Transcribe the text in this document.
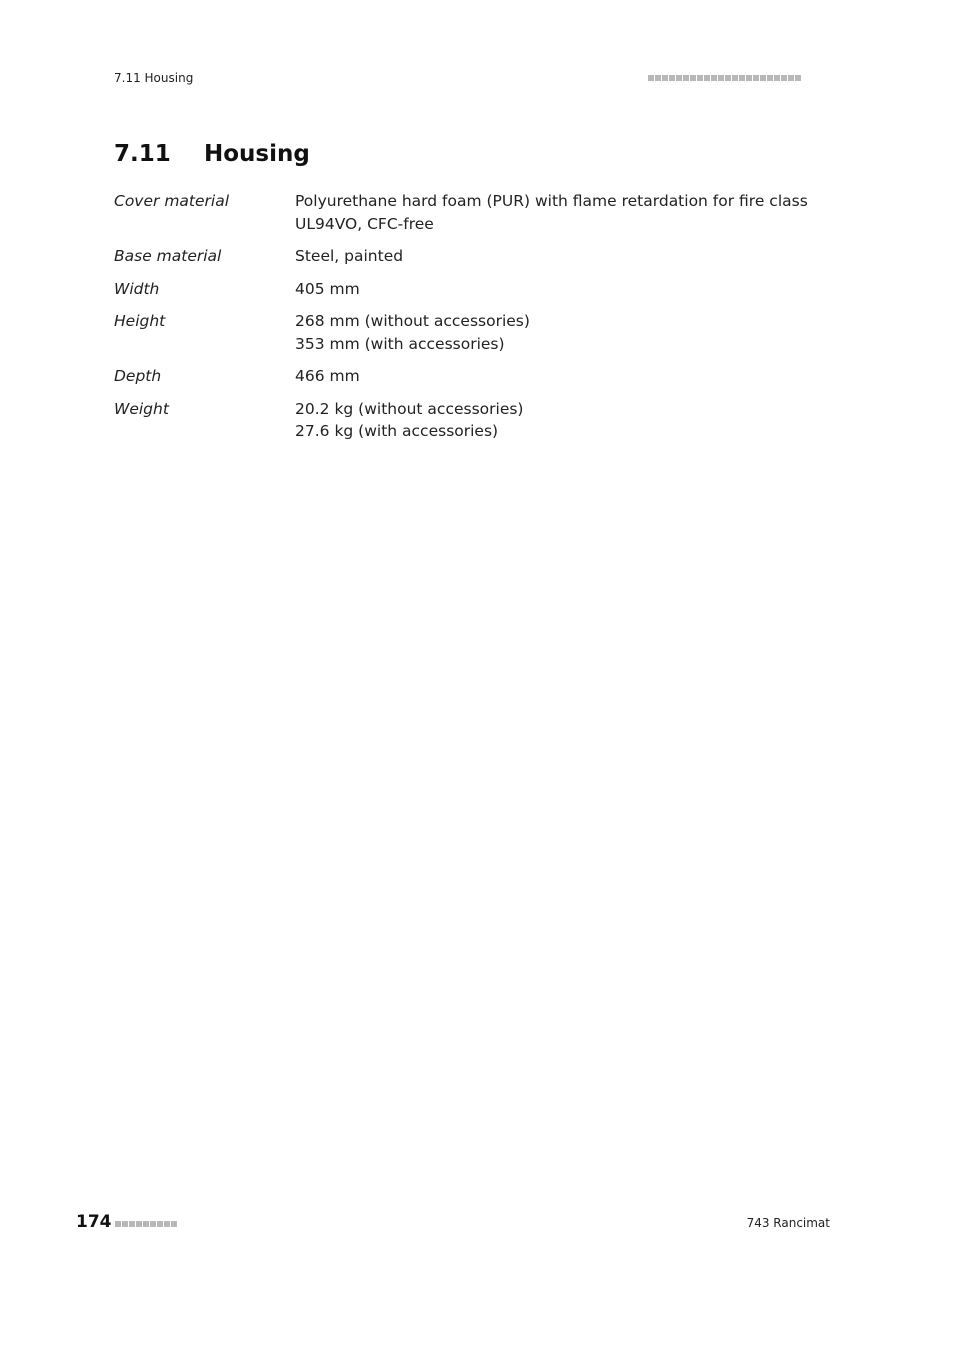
7.11 Housing
7.11 Housing
Cover material	Polyurethane hard foam (PUR) with flame retardation for fire class
UL94VO, CFC-free
Base material	Steel, painted
Width	405 mm
Height	268 mm (without accessories)
353 mm (with accessories)
Depth	466 mm
Weight	20.2 kg (without accessories)
27.6 kg (with accessories)
174	743 Rancimat
